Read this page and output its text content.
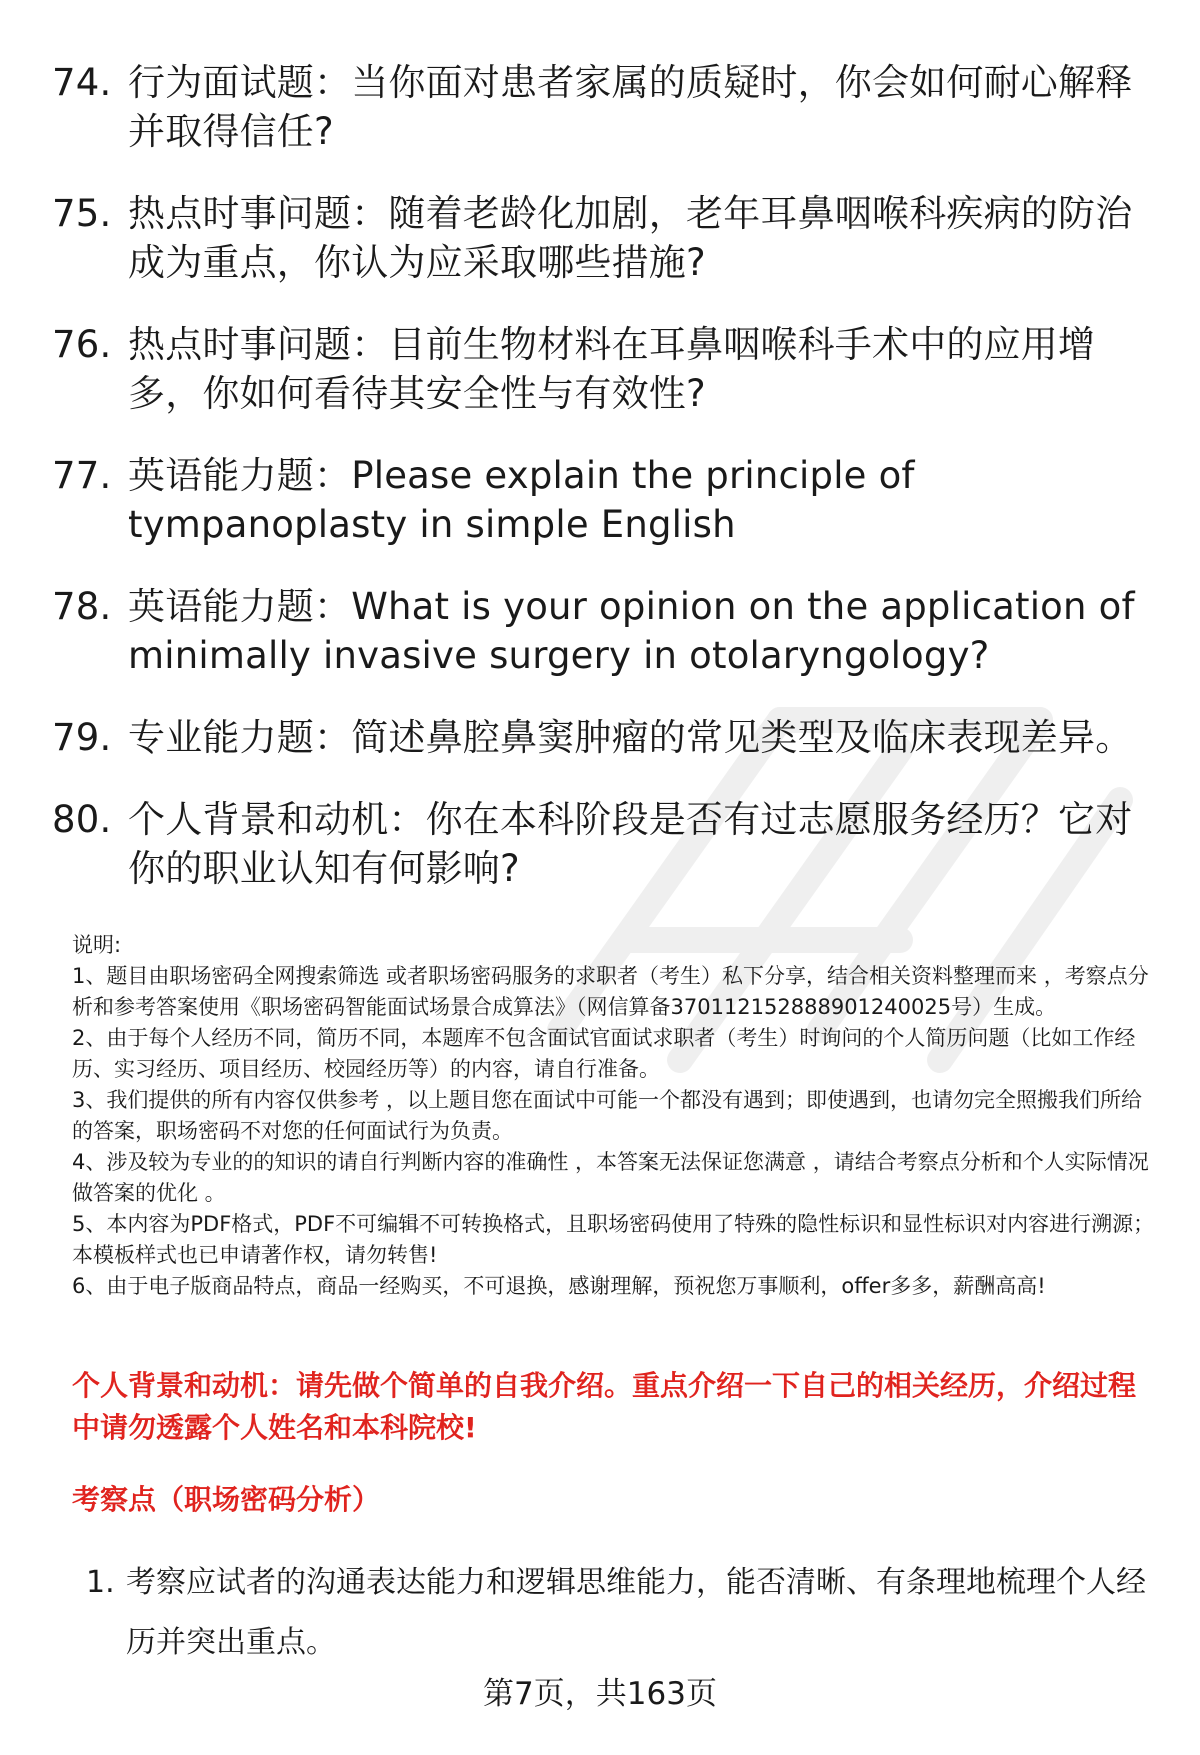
74. 行为面试题：当你面对患者家属的质疑时，你会如何耐心解释并取得信任?
75. 热点时事问题：随着老龄化加剧，老年耳鼻咽喉科疾病的防治成为重点，你认为应采取哪些措施?
76. 热点时事问题：目前生物材料在耳鼻咽喉科手术中的应用增多，你如何看待其安全性与有效性?
77. 英语能力题：Please explain the principle of tympanoplasty in simple English
78. 英语能力题：What is your opinion on the application of minimally invasive surgery in otolaryngology?
79. 专业能力题：简述鼻腔鼻窦肿瘤的常见类型及临床表现差异。
80. 个人背景和动机：你在本科阶段是否有过志愿服务经历？它对你的职业认知有何影响?

说明:

1、题目由职场密码全网搜索筛选 或者职场密码服务的求职者（考生）私下分享，结合相关资料整理而来 ，考察点分析和参考答案使用《职场密码智能面试场景合成算法》（网信算备370112152888901240025号）生成。

2、由于每个人经历不同，简历不同，本题库不包含面试官面试求职者（考生）时询问的个人简历问题（比如工作经历、实习经历、项目经历、校园经历等）的内容，请自行准备。

3、我们提供的所有内容仅供参考 ，以上题目您在面试中可能一个都没有遇到；即使遇到，也请勿完全照搬我们所给的答案，职场密码不对您的任何面试行为负责。

4、涉及较为专业的的知识的请自行判断内容的准确性 ，本答案无法保证您满意 ，请结合考察点分析和个人实际情况做答案的优化 。

5、本内容为PDF格式，PDF不可编辑不可转换格式，且职场密码使用了特殊的隐性标识和显性标识对内容进行溯源；本模板样式也已申请著作权，请勿转售!

6、由于电子版商品特点，商品一经购买，不可退换，感谢理解，预祝您万事顺利，offer多多，薪酬高高!

个人背景和动机：请先做个简单的自我介绍。重点介绍一下自己的相关经历，介绍过程中请勿透露个人姓名和本科院校!
考察点（职场密码分析）
1. 考察应试者的沟通表达能力和逻辑思维能力，能否清晰、有条理地梳理个人经历并突出重点。
第7页，共163页
